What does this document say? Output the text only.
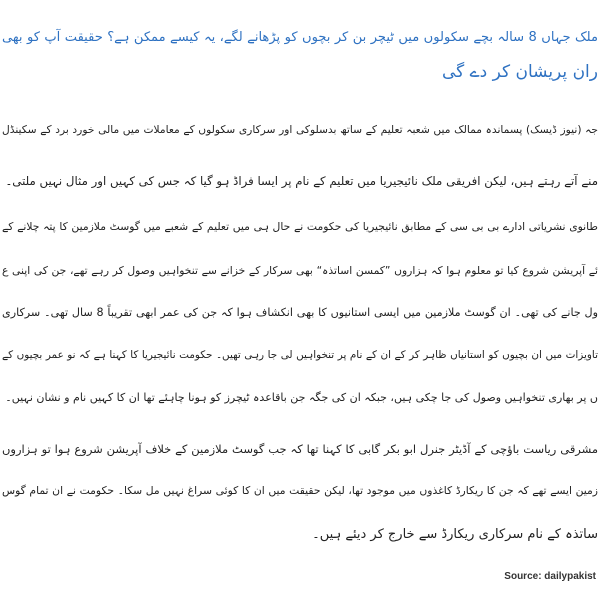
ملک جہاں 8 سالہ بچے سکولوں میں ٹیچر بن کر بچوں کو پڑھانے لگے، یہ کیسے ممکن ہے؟ حقیقت آپ کو بھی
ران پریشان کر دے گی
جہ (نیوز ڈیسک) پسماندہ ممالک میں شعبہ تعلیم کے ساتھ بدسلوکی اور سرکاری سکولوں کے معاملات میں مالی خورد برد کے سکینڈل
منے آتے رہتے ہیں، لیکن افریقی ملک نائیجیریا میں تعلیم کے نام پر ایسا فراڈ ہو گیا کہ جس کی کہیں اور مثال نہیں ملتی۔
طانوی نشریاتی ادارے بی بی سی کے مطابق نائیجیریا کی حکومت نے حال ہی میں تعلیم کے شعبے میں گوسٹ ملازمین کا پتہ چلانے کے
ئے آپریشن شروع کیا تو معلوم ہوا کہ ہزاروں ”کمسن اساتذہ“ بھی سرکار کے خزانے سے تنخواہیں وصول کر رہے تھے، جن کی اپنی ع
ول جانے کی تھی۔ ان گوسٹ ملازمین میں ایسی استانیوں کا بھی انکشاف ہوا کہ جن کی عمر ابھی تقریباً 8 سال تھی۔ سرکاری
تاویزات میں ان بچیوں کو استانیاں ظاہر کر کے ان کے نام پر تنخواہیں لی جا رہی تھیں۔ حکومت نائیجیریا کا کہنا ہے کہ نو عمر بچیوں کے
ں پر بھاری تنخواہیں وصول کی جا چکی ہیں، جبکہ ان کی جگہ جن باقاعدہ ٹیچرز کو ہونا چاہئے تھا ان کا کہیں نام و نشان نہیں۔
مشرقی ریاست باؤچی کے آڈیٹر جنرل ابو بکر گابی کا کہنا تھا کہ جب گوسٹ ملازمین کے خلاف آپریشن شروع ہوا تو ہزاروں
زمین ایسے تھے کہ جن کا ریکارڈ کاغذوں میں موجود تھا، لیکن حقیقت میں ان کا کوئی سراغ نہیں مل سکا۔ حکومت نے ان تمام گوس
ساتذہ کے نام سرکاری ریکارڈ سے خارج کر دیئے ہیں۔
Source: dailypakist
